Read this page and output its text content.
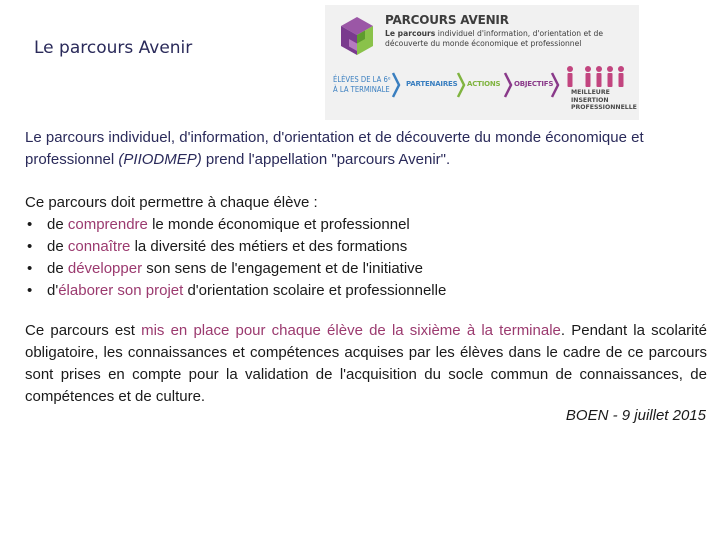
Le parcours Avenir
PARCOURS AVENIR
Le parcours individuel d'information, d'orientation et de découverte du monde économique et professionnel
ÉLÈVES DE LA 6ᵉ À LA TERMINALE
PARTENAIRES ACTIONS OBJECTIFS
MEILLEURE INSERTION PROFESSIONNELLE
Le parcours individuel, d'information, d'orientation et de découverte du monde économique et professionnel (PIIODMEP) prend l'appellation "parcours Avenir".
Ce parcours doit permettre à chaque élève :
• de comprendre le monde économique et professionnel
• de connaître la diversité des métiers et des formations
• de développer son sens de l'engagement et de l'initiative
• d'élaborer son projet d'orientation scolaire et professionnelle
Ce parcours est mis en place pour chaque élève de la sixième à la terminale. Pendant la scolarité obligatoire, les connaissances et compétences acquises par les élèves dans le cadre de ce parcours sont prises en compte pour la validation de l'acquisition du socle commun de connaissances, de compétences et de culture.
BOEN - 9 juillet 2015
